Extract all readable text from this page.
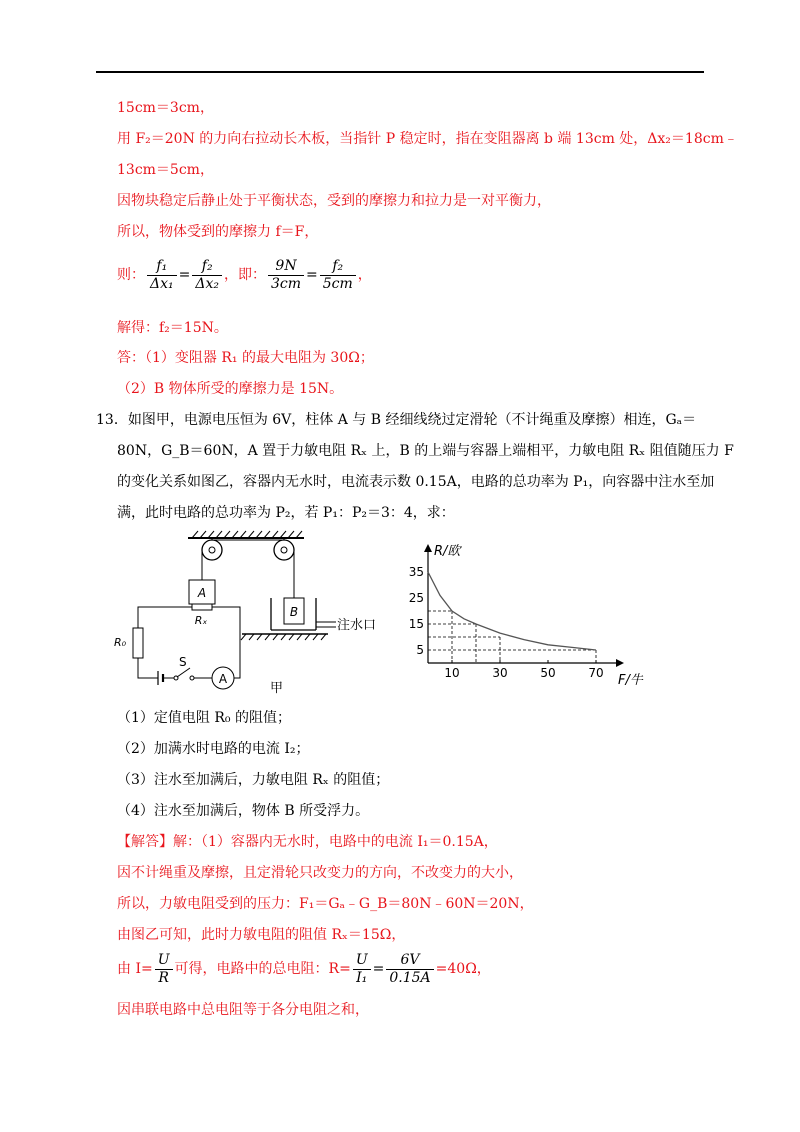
15cm＝3cm，
用 F₂＝20N 的力向右拉动长木板，当指针 P 稳定时，指在变阻器离 b 端 13cm 处，Δx₂＝18cm﹣
13cm＝5cm，
因物块稳定后静止处于平衡状态，受到的摩擦力和拉力是一对平衡力，
所以，物体受到的摩擦力 f＝F，
则： $\frac{\text{f₁}}{\text{Δx₁}} = \frac{\text{f₂}}{\text{Δx₂}}$ ，即： $\frac{9N}{3cm} = \frac{\text{f₂}}{5cm}$ ，
解得：f₂＝15N。
答：（1）变阻器 R₁ 的最大电阻为 30Ω；
（2）B 物体所受的摩擦力是 15N。
13．如图甲，电源电压恒为 6V，柱体 A 与 B 经细线绕过定滑轮（不计绳重及摩擦）相连，Gₐ＝
80N，G_B＝60N，A 置于力敏电阻 Rₓ 上，B 的上端与容器上端相平，力敏电阻 Rₓ 阻值随压力 F
的变化关系如图乙，容器内无水时，电流表示数 0.15A，电路的总功率为 P₁，向容器中注水至加
满，此时电路的总功率为 P₂，若 P₁：P₂＝3：4，求：
A
Rₓ	注水口
B
R₀
S
A
甲
R/欧
F/牛
10	30	50	70
5
15
25
35
（1）定值电阻 R₀ 的阻值；
（2）加满水时电路的电流 I₂；
（3）注水至加满后，力敏电阻 Rₓ 的阻值；
（4）注水至加满后，物体 B 所受浮力。
【解答】解：（1）容器内无水时，电路中的电流 I₁＝0.15A，
因不计绳重及摩擦，且定滑轮只改变力的方向，不改变力的大小，
所以，力敏电阻受到的压力：F₁＝Gₐ﹣G_B＝80N﹣60N＝20N，
由图乙可知，此时力敏电阻的阻值 Rₓ＝15Ω，
由 $I= \frac{U}{R}$ 可得，电路中的总电阻：$R= \frac{U}{\text{I₁}} = \frac{6V}{0.15A} =40\Omega$，
因串联电路中总电阻等于各分电阻之和，
